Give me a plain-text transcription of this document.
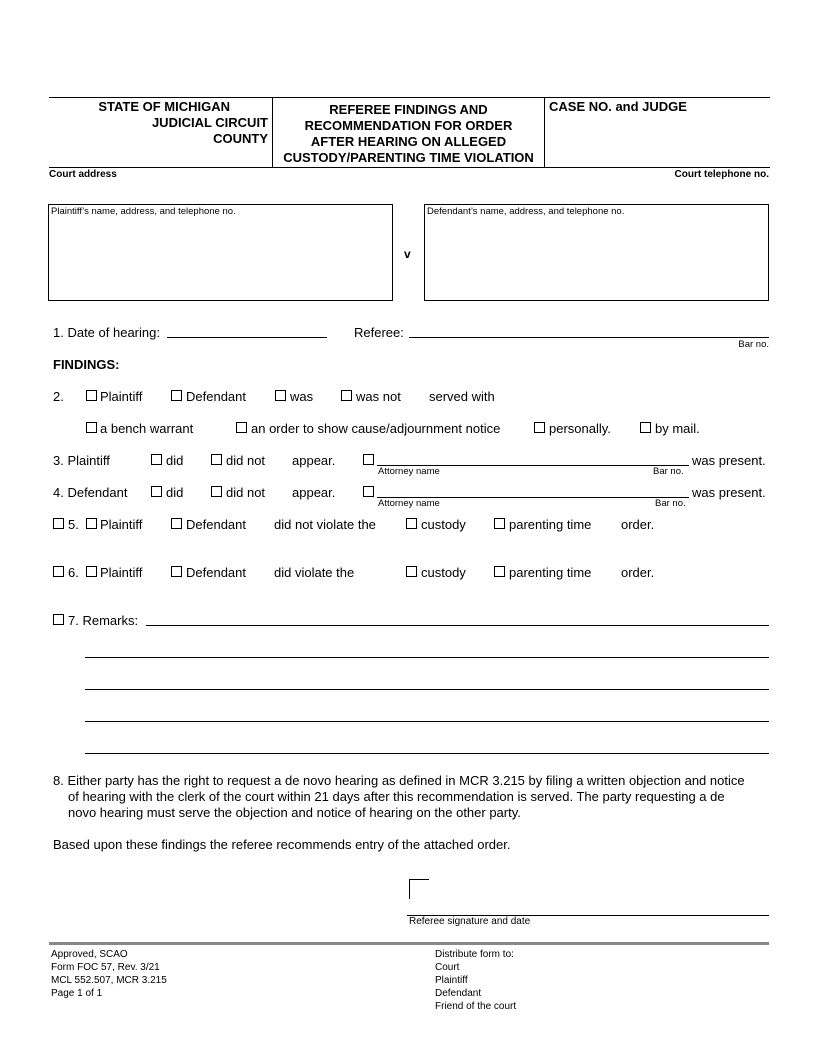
STATE OF MICHIGAN
JUDICIAL CIRCUIT
COUNTY
REFEREE FINDINGS AND
RECOMMENDATION FOR ORDER
AFTER HEARING ON ALLEGED
CUSTODY/PARENTING TIME VIOLATION
CASE NO. and JUDGE
Court address	Court telephone no.
Plaintiff’s name, address, and telephone no.
v
Defendant’s name, address, and telephone no.
1. Date of hearing:	Referee:
Bar no.
FINDINGS:
2.	Plaintiff	Defendant	was	was not served with
a bench warrant	an order to show cause/adjournment notice	personally.	by mail.
3. Plaintiff	did	did not appear.
Attorney name	Bar no.
was present.
4. Defendant	did	did not appear.
Attorney name	Bar no.
was present.
5. Plaintiff	Defendant did not violate the	custody	parenting time order.
6. Plaintiff	Defendant did violate the	custody	parenting time order.
7. Remarks:
8. Either party has the right to request a de novo hearing as defined in MCR 3.215 by filing a written objection and notice
of hearing with the clerk of the court within 21 days after this recommendation is served. The party requesting a de
novo hearing must serve the objection and notice of hearing on the other party.
Based upon these findings the referee recommends entry of the attached order.
Referee signature and date
Approved, SCAO
Form FOC 57, Rev. 3/21
MCL 552.507, MCR 3.215
Page 1 of 1
Distribute form to:
Court
Plaintiff
Defendant
Friend of the court
